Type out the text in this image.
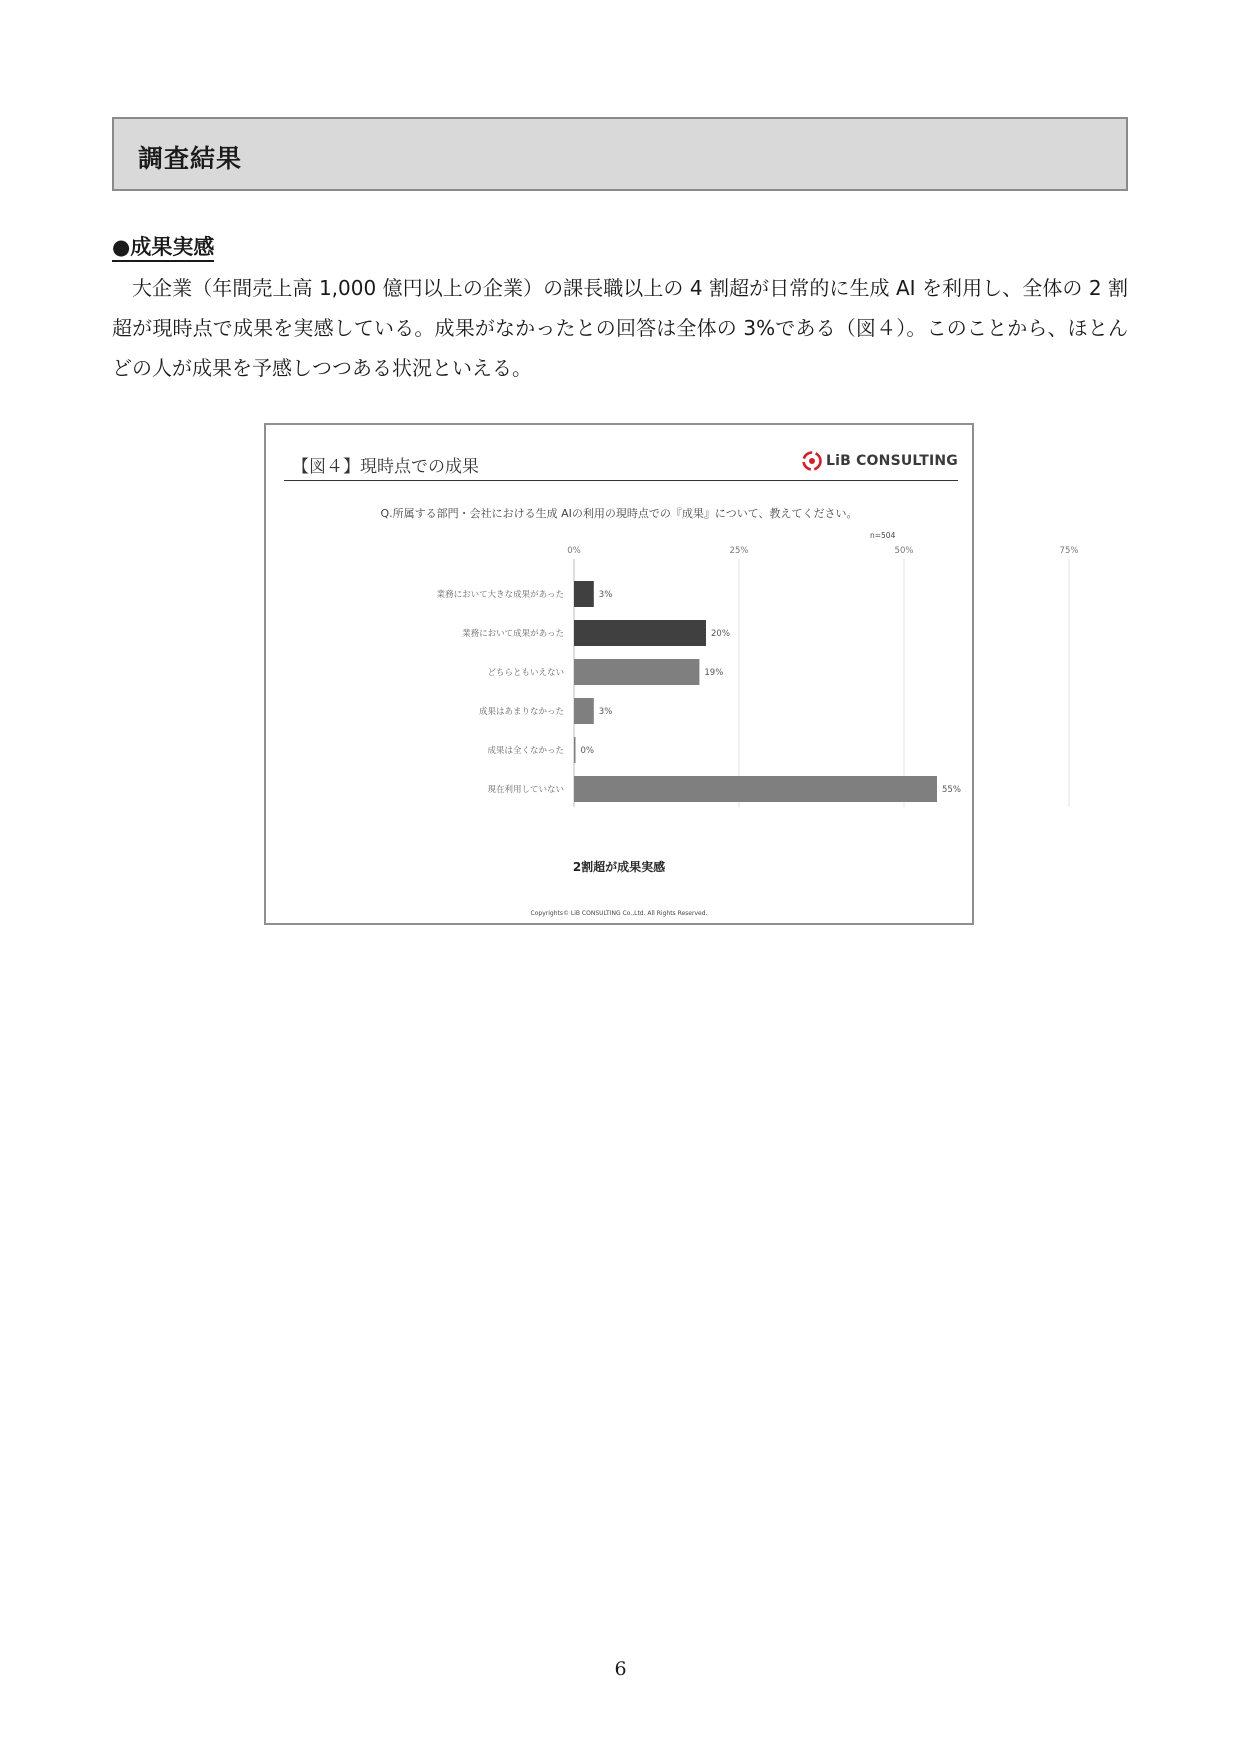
調査結果
●成果実感
大企業（年間売上高 1,000 億円以上の企業）の課長職以上の 4 割超が日常的に生成 AI を利用し、全体の 2 割超が現時点で成果を実感している。成果がなかったとの回答は全体の 3%である（図４）。このことから、ほとんどの人が成果を予感しつつある状況といえる。
【図４】現時点での成果	LiB CONSULTING
Q.所属する部門・会社における生成 AIの利用の現時点での『成果』について、教えてください。
n=504
0%	25%	50%	75%
業務において大きな成果があった	3%
業務において成果があった	20%
どちらともいえない	19%
成果はあまりなかった	3%
成果は全くなかった 0%
現在利用していない	55%
2割超が成果実感
Copyrights© LiB CONSULTING Co.,Ltd. All Rights Reserved.
6
